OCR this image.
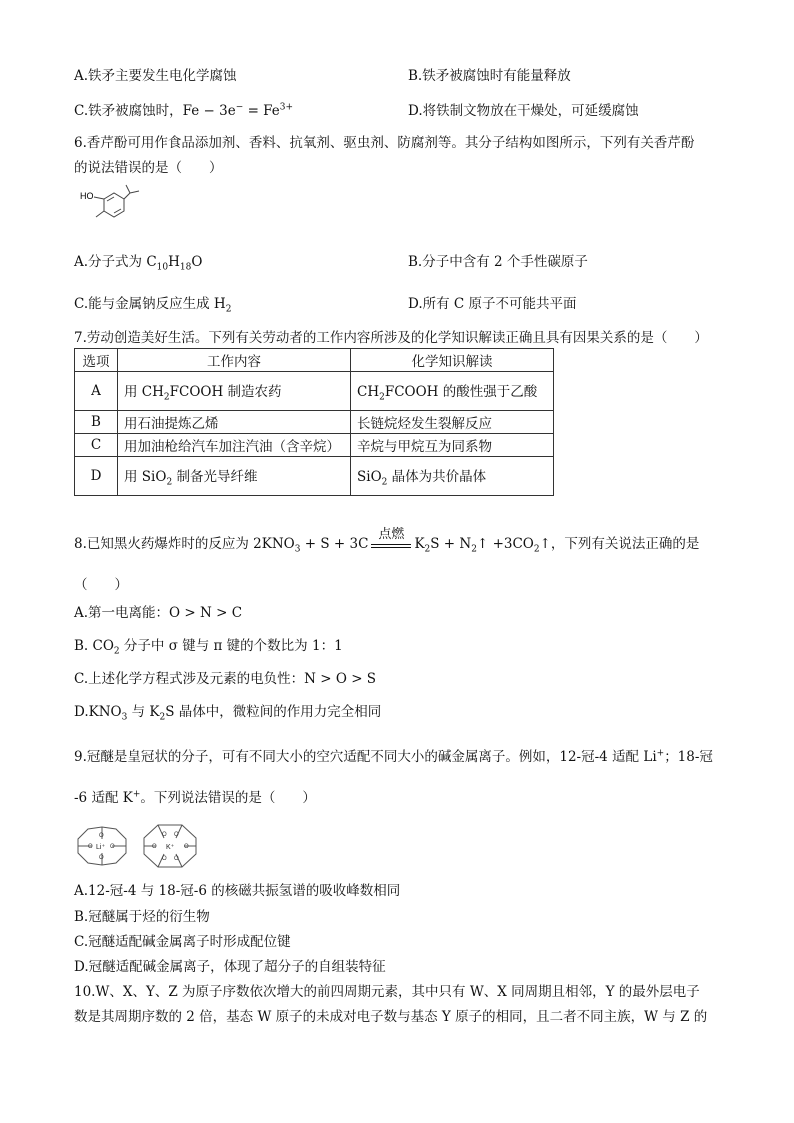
A.铁矛主要发生电化学腐蚀	B.铁矛被腐蚀时有能量释放
C.铁矛被腐蚀时，$Fe - 3e^- = Fe^{3+}$	D.将铁制文物放在干燥处，可延缓腐蚀
6.香芹酚可用作食品添加剂、香料、抗氧剂、驱虫剂、防腐剂等。其分子结构如图所示，下列有关香芹酚
的说法错误的是（　　）
HO
A.分子式为 $C_{10}H_{18}O$	B.分子中含有 2 个手性碳原子
C.能与金属钠反应生成 $H_2$	D.所有 C 原子不可能共平面
7.劳动创造美好生活。下列有关劳动者的工作内容所涉及的化学知识解读正确且具有因果关系的是（　　）
选项	工作内容	化学知识解读
A	用 $CH_2FCOOH$ 制造农药	$CH_2FCOOH$ 的酸性强于乙酸
B	用石油提炼乙烯	长链烷烃发生裂解反应
C	用加油枪给汽车加注汽油（含辛烷）	辛烷与甲烷互为同系物
D	用 SiO$_2$ 制备光导纤维	SiO$_2$ 晶体为共价晶体
8.已知黑火药爆炸时的反应为 $2KNO_3 + S + 3C$
点燃
$K_2S$ + $N_2↑$ $+3CO_2↑$，下列有关说法正确的是
（　　）
A.第一电离能：O > N > C
B. $CO_2$ 分子中 σ 键与 π 键的个数比为 1：1
C.上述化学方程式涉及元素的电负性：N > O > S
$D.KNO_3$ 与 $K_2S$ 晶体中，微粒间的作用力完全相同
9.冠醚是皇冠状的分子，可有不同大小的空穴适配不同大小的碱金属离子。例如，12-冠-4 适配 Li+；18-冠
-6 适配 K+。下列说法错误的是（　　）
O
O
O	O
Li⁺
O O
O O
O	O
K⁺
A.12-冠-4 与 18-冠-6 的核磁共振氢谱的吸收峰数相同
B.冠醚属于烃的衍生物
C.冠醚适配碱金属离子时形成配位键
D.冠醚适配碱金属离子，体现了超分子的自组装特征
10.W、X、Y、Z 为原子序数依次增大的前四周期元素，其中只有 W、X 同周期且相邻，Y 的最外层电子
数是其周期序数的 2 倍，基态 W 原子的未成对电子数与基态 Y 原子的相同，且二者不同主族，W 与 Z 的
